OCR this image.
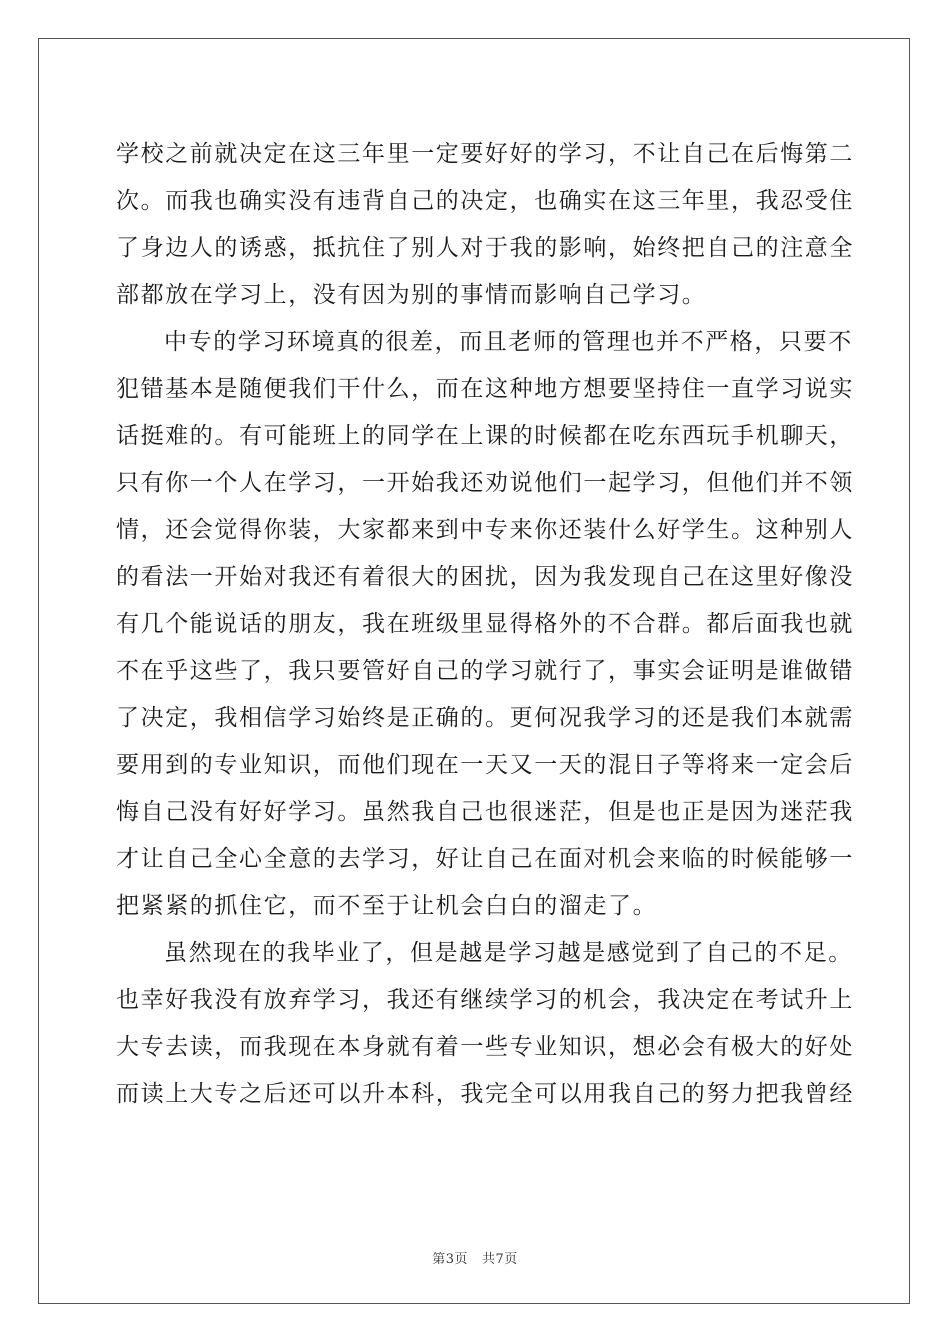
学校之前就决定在这三年里一定要好好的学习，不让自己在后悔第二
次。而我也确实没有违背自己的决定，也确实在这三年里，我忍受住
了身边人的诱惑，抵抗住了别人对于我的影响，始终把自己的注意全
部都放在学习上，没有因为别的事情而影响自己学习。
中专的学习环境真的很差，而且老师的管理也并不严格，只要不
犯错基本是随便我们干什么，而在这种地方想要坚持住一直学习说实
话挺难的。有可能班上的同学在上课的时候都在吃东西玩手机聊天，
只有你一个人在学习，一开始我还劝说他们一起学习，但他们并不领
情，还会觉得你装，大家都来到中专来你还装什么好学生。这种别人
的看法一开始对我还有着很大的困扰，因为我发现自己在这里好像没
有几个能说话的朋友，我在班级里显得格外的不合群。都后面我也就
不在乎这些了，我只要管好自己的学习就行了，事实会证明是谁做错
了决定，我相信学习始终是正确的。更何况我学习的还是我们本就需
要用到的专业知识，而他们现在一天又一天的混日子等将来一定会后
悔自己没有好好学习。虽然我自己也很迷茫，但是也正是因为迷茫我
才让自己全心全意的去学习，好让自己在面对机会来临的时候能够一
把紧紧的抓住它，而不至于让机会白白的溜走了。
虽然现在的我毕业了，但是越是学习越是感觉到了自己的不足。
也幸好我没有放弃学习，我还有继续学习的机会，我决定在考试升上
大专去读，而我现在本身就有着一些专业知识，想必会有极大的好处
而读上大专之后还可以升本科，我完全可以用我自己的努力把我曾经
第3页 共7页
